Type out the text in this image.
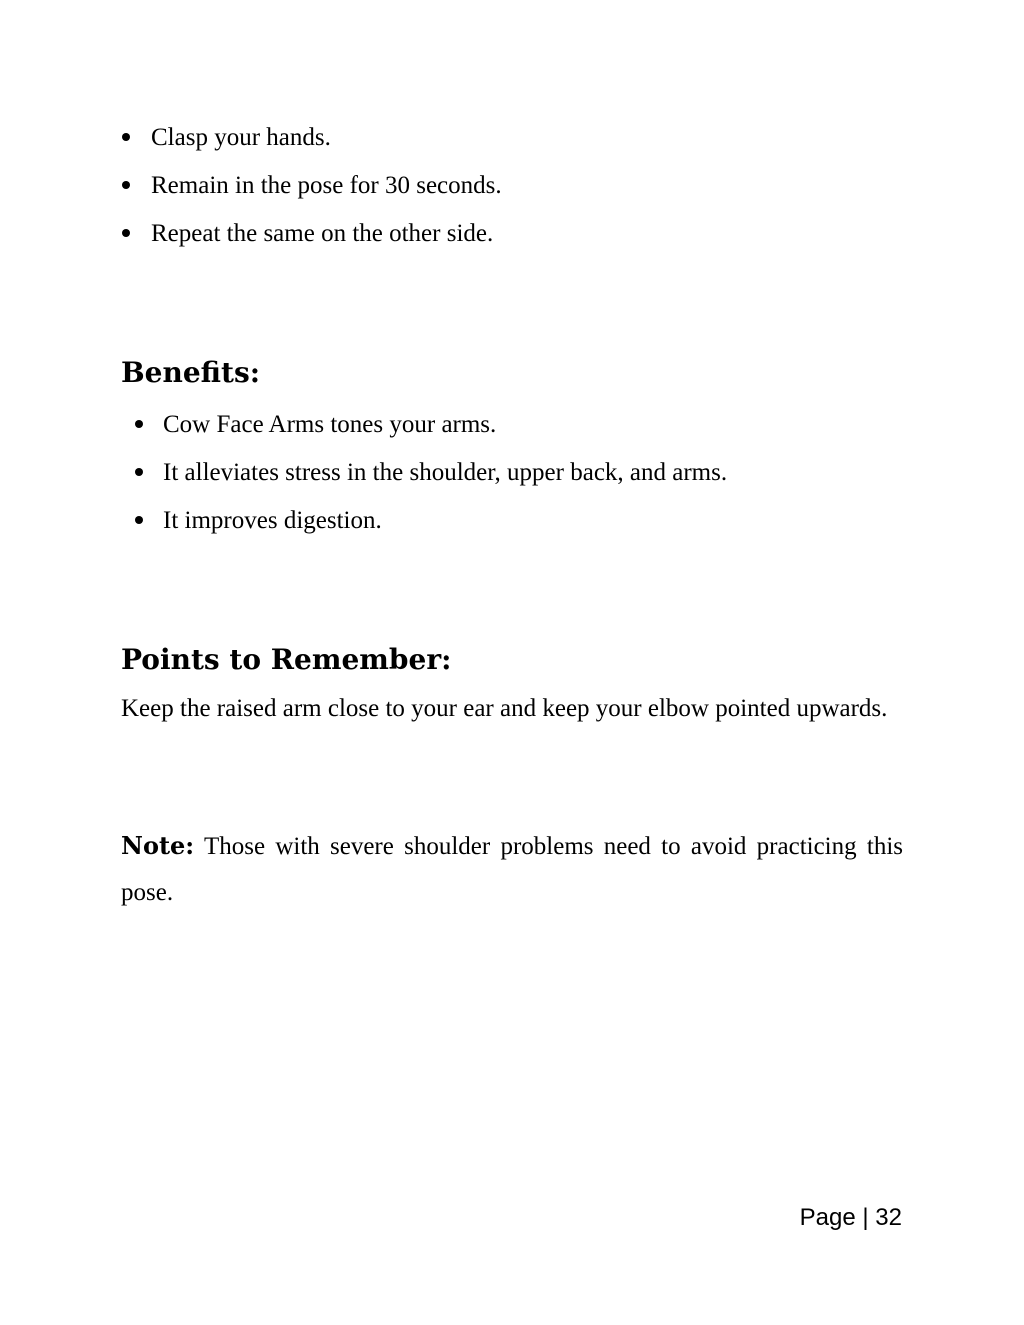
Clasp your hands.
Remain in the pose for 30 seconds.
Repeat the same on the other side.
Benefits:
Cow Face Arms tones your arms.
It alleviates stress in the shoulder, upper back, and arms.
It improves digestion.
Points to Remember:

Keep the raised arm close to your ear and keep your elbow pointed upwards.

Note: Those with severe shoulder problems need to avoid practicing this pose.

Page | 32
